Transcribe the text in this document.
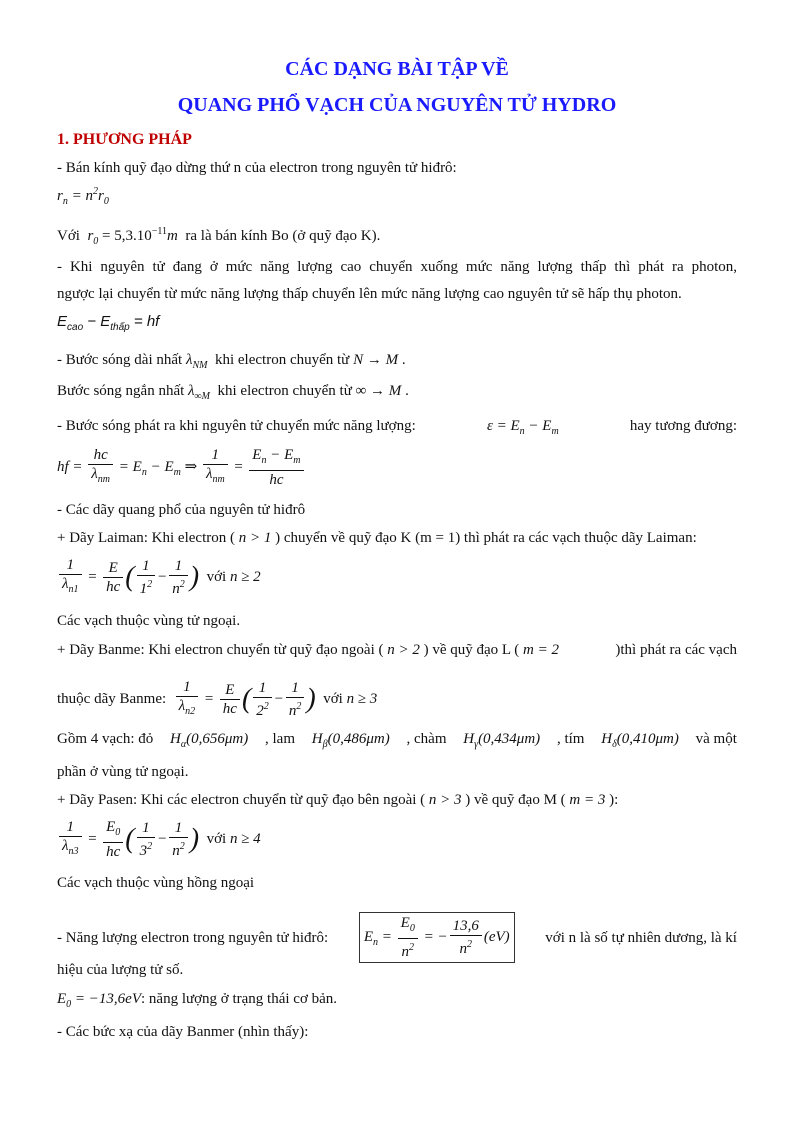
CÁC DẠNG BÀI TẬP VỀ
QUANG PHỔ VẠCH CỦA NGUYÊN TỬ HYDRO
1. PHƯƠNG PHÁP
- Bán kính quỹ đạo dừng thứ n của electron trong nguyên tử hiđrô:
$r_n = n^2r_0$
Với  $r_0 = 5,3.10^{-11}m$ ra là bán kính Bo (ở quỹ đạo K).
- Khi nguyên tử đang ở mức năng lượng cao chuyển xuống mức năng lượng thấp thì phát ra photon,
ngược lại chuyển từ mức năng lượng thấp chuyển lên mức năng lượng cao nguyên tử sẽ hấp thụ photon.
$E_{cao} - E_{thấp}$ = hf
- Bước sóng dài nhất $\lambda_{NM}$ khi electron chuyển từ N → M .
Bước sóng ngắn nhất $\lambda_{\infty M}$ khi electron chuyển từ ∞ → M .
- Bước sóng phát ra khi nguyên tử chuyển mức năng lượng:	$\varepsilon = E_n - E_m$	hay tương đương:
hf = $\frac{hc}{\lambda_{nm}} = E_n - E_m$ ⇒ $\frac{1}{\lambda_{nm}} = \frac{E_n - E_m}{hc}$
- Các dãy quang phổ của nguyên tử hiđrô
+ Dãy Laiman: Khi electron ( n > 1 ) chuyển về quỹ đạo K (m = 1) thì phát ra các vạch thuộc dãy Laiman:
$\frac{1}{\lambda_{n1}} = \frac{E}{hc}$ ( $\frac{1}{1^2} - \frac{1}{n^2}$ ) với n ≥ 2
Các vạch thuộc vùng tử ngoại.
+ Dãy Banme: Khi electron chuyển từ quỹ đạo ngoài ( n > 2 ) về quỹ đạo L ( m = 2	)thì phát ra các vạch
thuộc dãy Banme: $\frac{1}{\lambda_{n2}} = \frac{E}{hc}$ ( $\frac{1}{2^2} - \frac{1}{n^2}$ ) với n ≥ 3
Gồm 4 vạch: đỏ $H_\alpha(0,656\mu m)$ , lam $H_\beta(0,486\mu m)$ , chàm $H_\gamma(0,434\mu m)$ , tím $H_\delta(0,410\mu m)$ và một
phần ở vùng tử ngoại.
+ Dãy Pasen: Khi các electron chuyển từ quỹ đạo bên ngoài ( n > 3 ) về quỹ đạo M ( m = 3 ):
$\frac{1}{\lambda_{n3}} = \frac{E_0}{hc}$ ( $\frac{1}{3^2} - \frac{1}{n^2}$ ) với n ≥ 4
Các vạch thuộc vùng hồng ngoại
- Năng lượng electron trong nguyên tử hiđrô:	$E_n = \frac{E_0}{n^2}$ = − $\frac{13,6}{n^2} (eV)$	với n là số tự nhiên dương, là kí
hiệu của lượng tử số.
$E_0 = -13,6eV$: năng lượng ở trạng thái cơ bản.
- Các bức xạ của dãy Banmer (nhìn thấy):
